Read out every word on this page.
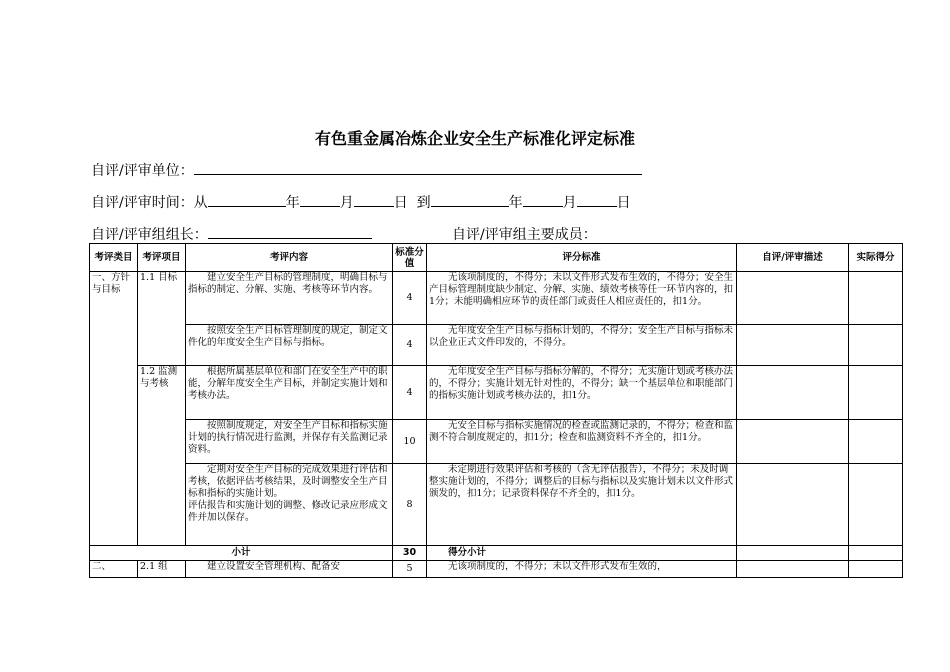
有色重金属冶炼企业安全生产标准化评定标准
自评/评审单位：
自评/评审时间：从	年	月	日 到	年	月	日
自评/评审组组长：	自评/评审组主要成员：
考评类目	考评项目	考评内容	标准分值	评分标准	自评/评审描述	实际得分
一、方针与目标	1.1 目标	建立安全生产目标的管理制度，明确目标与指标的制定、分解、实施、考核等环节内容。	4	无该项制度的，不得分；未以文件形式发布生效的，不得分；安全生产目标管理制度缺少制定、分解、实施、绩效考核等任一环节内容的，扣1分；未能明确相应环节的责任部门或责任人相应责任的，扣1分。		
		按照安全生产目标管理制度的规定，制定文件化的年度安全生产目标与指标。	4	无年度安全生产目标与指标计划的，不得分；安全生产目标与指标未以企业正式文件印发的，不得分。		
	1.2 监测与考核	根据所属基层单位和部门在安全生产中的职能，分解年度安全生产目标，并制定实施计划和考核办法。	4	无年度安全生产目标与指标分解的，不得分；无实施计划或考核办法的，不得分；实施计划无针对性的，不得分；缺一个基层单位和职能部门的指标实施计划或考核办法的，扣1分。		
		按照制度规定，对安全生产目标和指标实施计划的执行情况进行监测，并保存有关监测记录资料。	10	无安全目标与指标实施情况的检查或监测记录的，不得分；检查和监测不符合制度规定的，扣1分；检查和监测资料不齐全的，扣1分。		
		定期对安全生产目标的完成效果进行评估和考核，依据评估考核结果，及时调整安全生产目标和指标的实施计划。
评估报告和实施计划的调整、修改记录应形成文件并加以保存。	8	未定期进行效果评估和考核的（含无评估报告），不得分；未及时调整实施计划的，不得分；调整后的目标与指标以及实施计划未以文件形式颁发的，扣1分；记录资料保存不齐全的，扣1分。		
小计			30	得分小计		
二、	2.1 组	建立设置安全管理机构、配备安	5	无该项制度的，不得分；未以文件形式发布生效的，		
